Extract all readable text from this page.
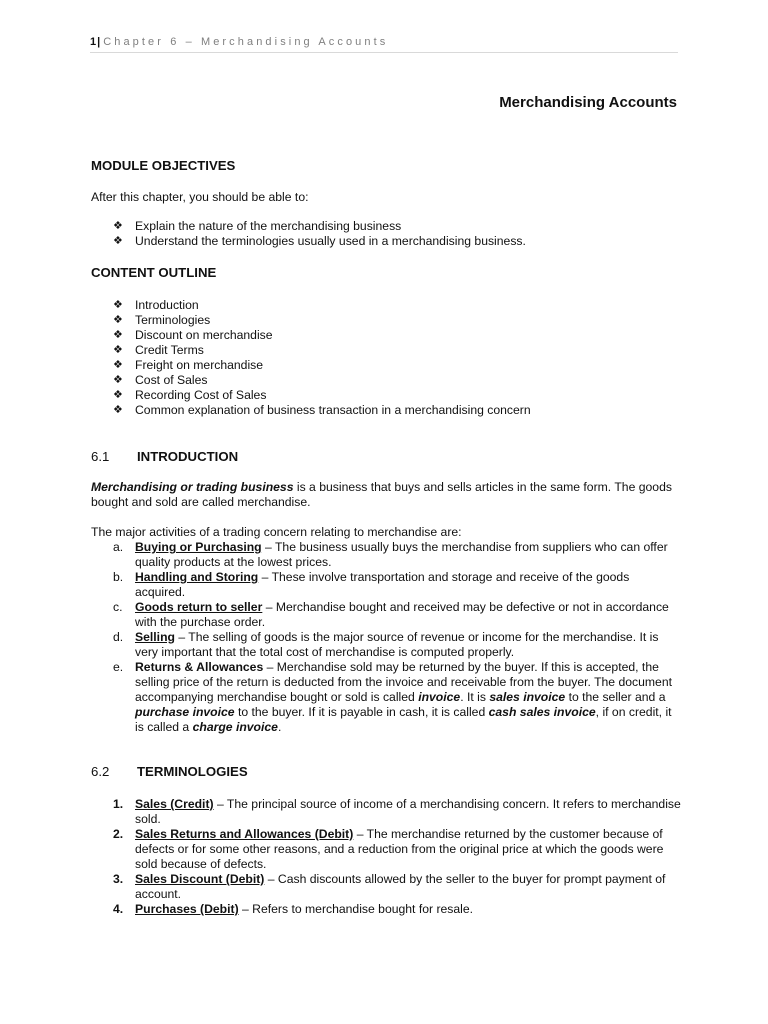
1| Chapter 6 – Merchandising Accounts
Merchandising Accounts
MODULE OBJECTIVES
After this chapter, you should be able to:
❖ Explain the nature of the merchandising business
❖ Understand the terminologies usually used in a merchandising business.
CONTENT OUTLINE
❖ Introduction
❖ Terminologies
❖ Discount on merchandise
❖ Credit Terms
❖ Freight on merchandise
❖ Cost of Sales
❖ Recording Cost of Sales
❖ Common explanation of business transaction in a merchandising concern
6.1 INTRODUCTION
Merchandising or trading business is a business that buys and sells articles in the same form. The goods bought and sold are called merchandise.
The major activities of a trading concern relating to merchandise are:
a. Buying or Purchasing – The business usually buys the merchandise from suppliers who can offer quality products at the lowest prices.
b. Handling and Storing – These involve transportation and storage and receive of the goods acquired.
c. Goods return to seller – Merchandise bought and received may be defective or not in accordance with the purchase order.
d. Selling – The selling of goods is the major source of revenue or income for the merchandise. It is very important that the total cost of merchandise is computed properly.
e. Returns & Allowances – Merchandise sold may be returned by the buyer. If this is accepted, the selling price of the return is deducted from the invoice and receivable from the buyer. The document accompanying merchandise bought or sold is called invoice. It is sales invoice to the seller and a purchase invoice to the buyer. If it is payable in cash, it is called cash sales invoice, if on credit, it is called a charge invoice.
6.2 TERMINOLOGIES
1. Sales (Credit) – The principal source of income of a merchandising concern. It refers to merchandise sold.
2. Sales Returns and Allowances (Debit) – The merchandise returned by the customer because of defects or for some other reasons, and a reduction from the original price at which the goods were sold because of defects.
3. Sales Discount (Debit) – Cash discounts allowed by the seller to the buyer for prompt payment of account.
4. Purchases (Debit) – Refers to merchandise bought for resale.
